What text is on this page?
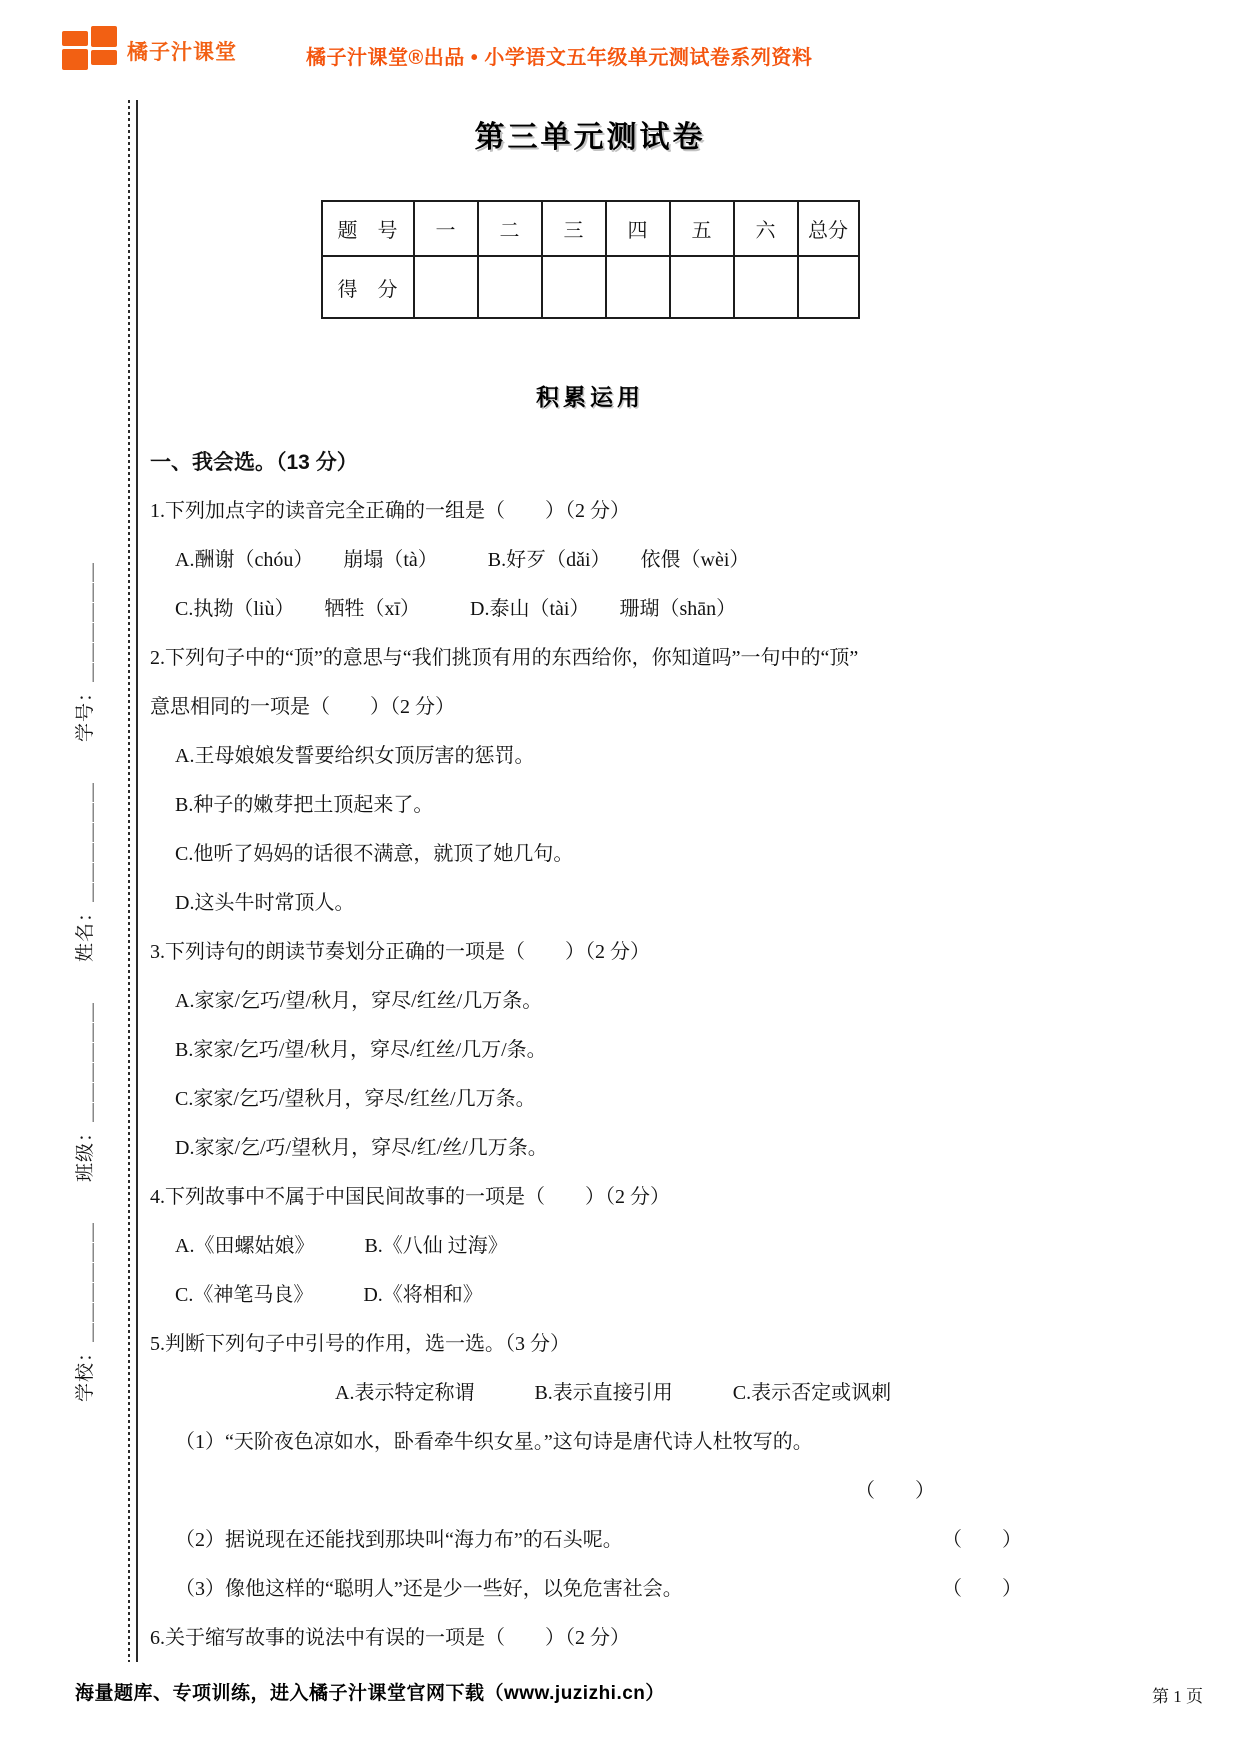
橘子汁课堂	橘子汁课堂®出品 • 小学语文五年级单元测试卷系列资料
学校：＿＿＿＿＿＿　　班级：＿＿＿＿＿＿　　姓名：＿＿＿＿＿＿　　学号：＿＿＿＿＿＿
第三单元测试卷
题　号	一	二	三	四	五	六	总分
得　分							
积累运用
一、我会选。（13 分）
1.下列加点字的读音完全正确的一组是（　　）（2 分）
A.酬谢（chóu）　　崩塌（tà）　　　B.好歹（dǎi）　　依偎（wèi）
C.执拗（liù）　　牺牲（xī）　　　D.泰山（tài）　　珊瑚（shān）
2.下列句子中的“顶”的意思与“我们挑顶有用的东西给你，你知道吗”一句中的“顶”
意思相同的一项是（　　）（2 分）
A.王母娘娘发誓要给织女顶厉害的惩罚。
B.种子的嫩芽把土顶起来了。
C.他听了妈妈的话很不满意，就顶了她几句。
D.这头牛时常顶人。
3.下列诗句的朗读节奏划分正确的一项是（　　）（2 分）
A.家家/乞巧/望/秋月，穿尽/红丝/几万条。
B.家家/乞巧/望/秋月，穿尽/红丝/几万/条。
C.家家/乞巧/望秋月，穿尽/红丝/几万条。
D.家家/乞/巧/望秋月，穿尽/红/丝/几万条。
4.下列故事中不属于中国民间故事的一项是（　　）（2 分）
A.《田螺姑娘》　　　B.《八仙 过海》
C.《神笔马良》　　　D.《将相和》
5.判断下列句子中引号的作用，选一选。（3 分）
A.表示特定称谓　　　B.表示直接引用　　　C.表示否定或讽刺
（1）“天阶夜色凉如水，卧看牵牛织女星。”这句诗是唐代诗人杜牧写的。
（　　）
（2）据说现在还能找到那块叫“海力布”的石头呢。	（　　）
（3）像他这样的“聪明人”还是少一些好，以免危害社会。	（　　）
6.关于缩写故事的说法中有误的一项是（　　）（2 分）
海量题库、专项训练，进入橘子汁课堂官网下载（www.juzizhi.cn）	第 1 页
